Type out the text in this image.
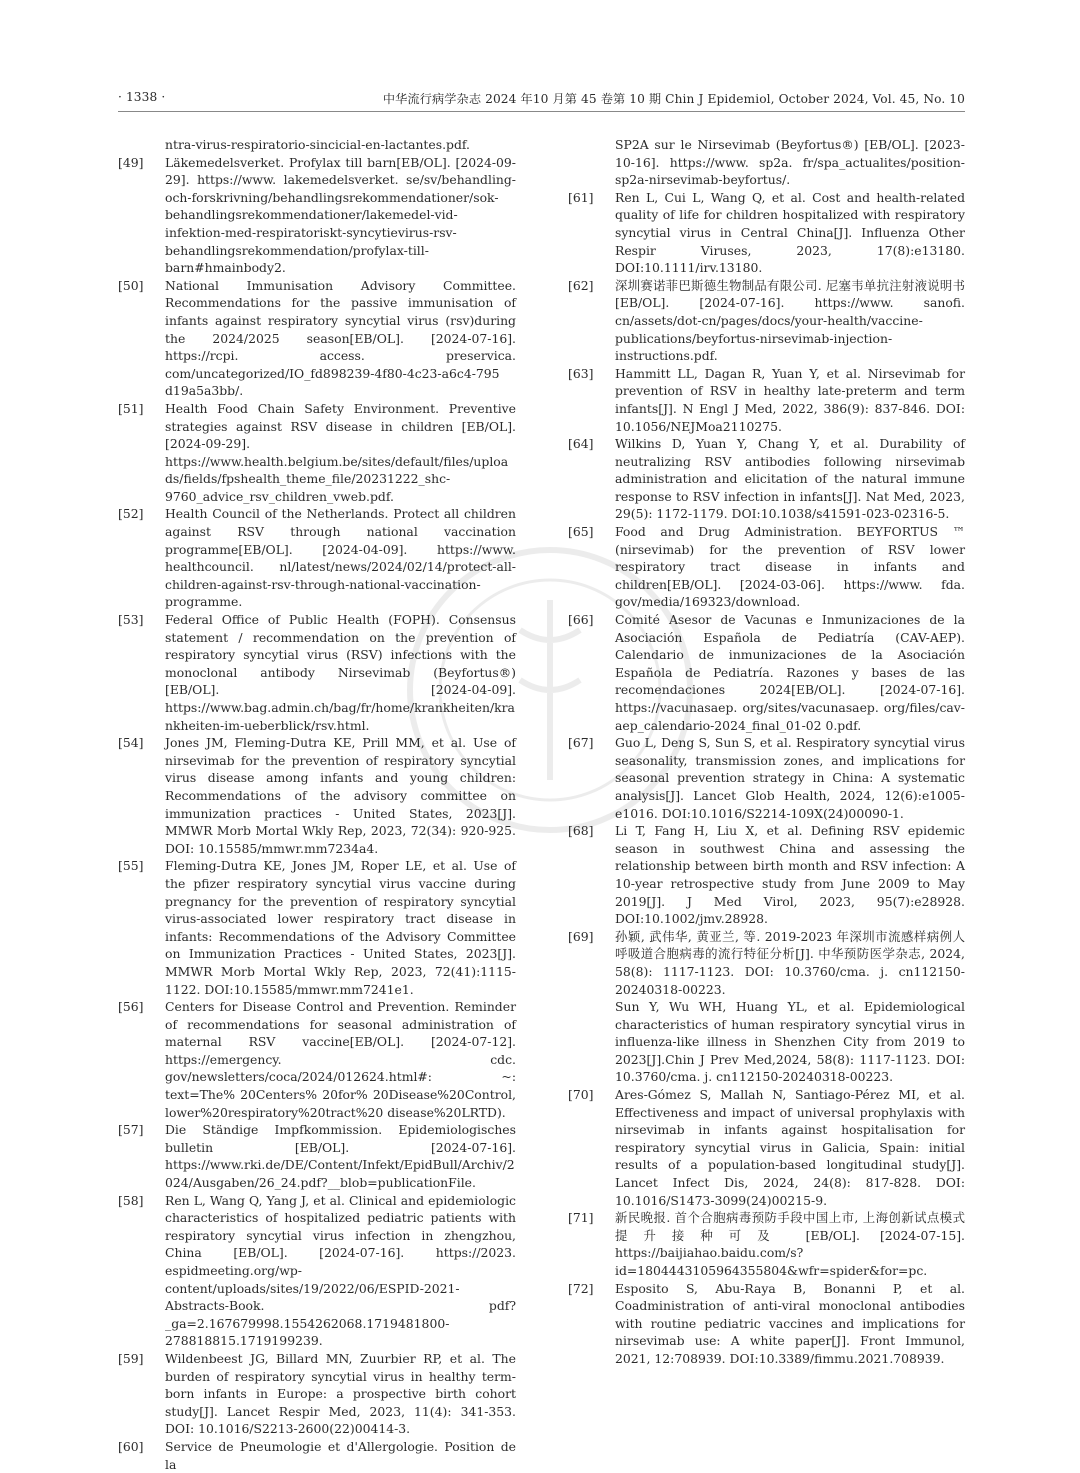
· 1338 ·	中华流行病学杂志 2024 年10 月第 45 卷第 10 期 Chin J Epidemiol, October 2024, Vol. 45, No. 10
ntra-virus-respiratorio-sincicial-en-lactantes.pdf.
[49] Läkemedelsverket. Profylax till barn[EB/OL]. [2024-09-29]. https://www. lakemedelsverket. se/sv/behandling-och-forskrivning/behandlingsrekommendationer/sok-behandlingsrekommendationer/lakemedel-vid-infektion-med-respiratoriskt-syncytievirus-rsv-behandlingsrekommendation/profylax-till-barn#hmainbody2.
[50] National Immunisation Advisory Committee. Recommendations for the passive immunisation of infants against respiratory syncytial virus (rsv)during the 2024/2025 season[EB/OL]. [2024-07-16]. https://rcpi. access. preservica. com/uncategorized/IO_fd898239-4f80-4c23-a6c4-795 d19a5a3bb/.
[51] Health Food Chain Safety Environment. Preventive strategies against RSV disease in children [EB/OL]. [2024-09-29]. https://www.health.belgium.be/sites/default/files/uploads/fields/fpshealth_theme_file/20231222_shc-9760_advice_rsv_children_vweb.pdf.
[52] Health Council of the Netherlands. Protect all children against RSV through national vaccination programme[EB/OL]. [2024-04-09]. https://www. healthcouncil. nl/latest/news/2024/02/14/protect-all-children-against-rsv-through-national-vaccination-programme.
[53] Federal Office of Public Health (FOPH). Consensus statement / recommendation on the prevention of respiratory syncytial virus (RSV) infections with the monoclonal antibody Nirsevimab (Beyfortus®) [EB/OL]. [2024-04-09]. https://www.bag.admin.ch/bag/fr/home/krankheiten/krankheiten-im-ueberblick/rsv.html.
[54] Jones JM, Fleming-Dutra KE, Prill MM, et al. Use of nirsevimab for the prevention of respiratory syncytial virus disease among infants and young children: Recommendations of the advisory committee on immunization practices - United States, 2023[J]. MMWR Morb Mortal Wkly Rep, 2023, 72(34): 920-925. DOI: 10.15585/mmwr.mm7234a4.
[55] Fleming-Dutra KE, Jones JM, Roper LE, et al. Use of the pfizer respiratory syncytial virus vaccine during pregnancy for the prevention of respiratory syncytial virus-associated lower respiratory tract disease in infants: Recommendations of the Advisory Committee on Immunization Practices - United States, 2023[J]. MMWR Morb Mortal Wkly Rep, 2023, 72(41):1115-1122. DOI:10.15585/mmwr.mm7241e1.
[56] Centers for Disease Control and Prevention. Reminder of recommendations for seasonal administration of maternal RSV vaccine[EB/OL]. [2024-07-12]. https://emergency. cdc. gov/newsletters/coca/2024/012624.html#: ~: text=The% 20Centers% 20for% 20Disease%20Control, lower%20respiratory%20tract%20 disease%20LRTD).
[57] Die Ständige Impfkommission. Epidemiologisches bulletin [EB/OL]. [2024-07-16]. https://www.rki.de/DE/Content/Infekt/EpidBull/Archiv/2024/Ausgaben/26_24.pdf?__blob=publicationFile.
[58] Ren L, Wang Q, Yang J, et al. Clinical and epidemiologic characteristics of hospitalized pediatric patients with respiratory syncytial virus infection in zhengzhou, China [EB/OL]. [2024-07-16]. https://2023. espidmeeting.org/wp-content/uploads/sites/19/2022/06/ESPID-2021-Abstracts-Book. pdf? _ga=2.167679998.1554262068.1719481800-278818815.1719199239.
[59] Wildenbeest JG, Billard MN, Zuurbier RP, et al. The burden of respiratory syncytial virus in healthy term-born infants in Europe: a prospective birth cohort study[J]. Lancet Respir Med, 2023, 11(4): 341-353. DOI: 10.1016/S2213-2600(22)00414-3.
[60] Service de Pneumologie et d'Allergologie. Position de la
SP2A sur le Nirsevimab (Beyfortus®) [EB/OL]. [2023-10-16]. https://www. sp2a. fr/spa_actualites/position-sp2a-nirsevimab-beyfortus/.
[61] Ren L, Cui L, Wang Q, et al. Cost and health-related quality of life for children hospitalized with respiratory syncytial virus in Central China[J]. Influenza Other Respir Viruses, 2023, 17(8):e13180. DOI:10.1111/irv.13180.
[62] 深圳赛诺菲巴斯德生物制品有限公司. 尼塞韦单抗注射液说明书 [EB/OL]. [2024-07-16]. https://www. sanofi. cn/assets/dot-cn/pages/docs/your-health/vaccine-publications/beyfortus-nirsevimab-injection-instructions.pdf.
[63] Hammitt LL, Dagan R, Yuan Y, et al. Nirsevimab for prevention of RSV in healthy late-preterm and term infants[J]. N Engl J Med, 2022, 386(9): 837-846. DOI: 10.1056/NEJMoa2110275.
[64] Wilkins D, Yuan Y, Chang Y, et al. Durability of neutralizing RSV antibodies following nirsevimab administration and elicitation of the natural immune response to RSV infection in infants[J]. Nat Med, 2023, 29(5): 1172-1179. DOI:10.1038/s41591-023-02316-5.
[65] Food and Drug Administration. BEYFORTUS ™ (nirsevimab) for the prevention of RSV lower respiratory tract disease in infants and children[EB/OL]. [2024-03-06]. https://www. fda. gov/media/169323/download.
[66] Comité Asesor de Vacunas e Inmunizaciones de la Asociación Española de Pediatría (CAV-AEP). Calendario de inmunizaciones de la Asociación Española de Pediatría. Razones y bases de las recomendaciones 2024[EB/OL]. [2024-07-16]. https://vacunasaep. org/sites/vacunasaep. org/files/cav-aep_calendario-2024_final_01-02 0.pdf.
[67] Guo L, Deng S, Sun S, et al. Respiratory syncytial virus seasonality, transmission zones, and implications for seasonal prevention strategy in China: A systematic analysis[J]. Lancet Glob Health, 2024, 12(6):e1005-e1016. DOI:10.1016/S2214-109X(24)00090-1.
[68] Li T, Fang H, Liu X, et al. Defining RSV epidemic season in southwest China and assessing the relationship between birth month and RSV infection: A 10-year retrospective study from June 2009 to May 2019[J]. J Med Virol, 2023, 95(7):e28928. DOI:10.1002/jmv.28928.
[69] 孙颖, 武伟华, 黄亚兰, 等. 2019-2023 年深圳市流感样病例人呼吸道合胞病毒的流行特征分析[J]. 中华预防医学杂志, 2024, 58(8): 1117-1123. DOI: 10.3760/cma. j. cn112150-20240318-00223.
Sun Y, Wu WH, Huang YL, et al. Epidemiological characteristics of human respiratory syncytial virus in influenza-like illness in Shenzhen City from 2019 to 2023[J].Chin J Prev Med,2024, 58(8): 1117-1123. DOI: 10.3760/cma. j. cn112150-20240318-00223.
[70] Ares-Gómez S, Mallah N, Santiago-Pérez MI, et al. Effectiveness and impact of universal prophylaxis with nirsevimab in infants against hospitalisation for respiratory syncytial virus in Galicia, Spain: initial results of a population-based longitudinal study[J]. Lancet Infect Dis, 2024, 24(8): 817-828. DOI: 10.1016/S1473-3099(24)00215-9.
[71] 新民晚报. 首个合胞病毒预防手段中国上市, 上海创新试点模式提升接种可及 [EB/OL]. [2024-07-15]. https://baijiahao.baidu.com/s?id=1804443105964355804&wfr=spider&for=pc.
[72] Esposito S, Abu-Raya B, Bonanni P, et al. Coadministration of anti-viral monoclonal antibodies with routine pediatric vaccines and implications for nirsevimab use: A white paper[J]. Front Immunol, 2021, 12:708939. DOI:10.3389/fimmu.2021.708939.
